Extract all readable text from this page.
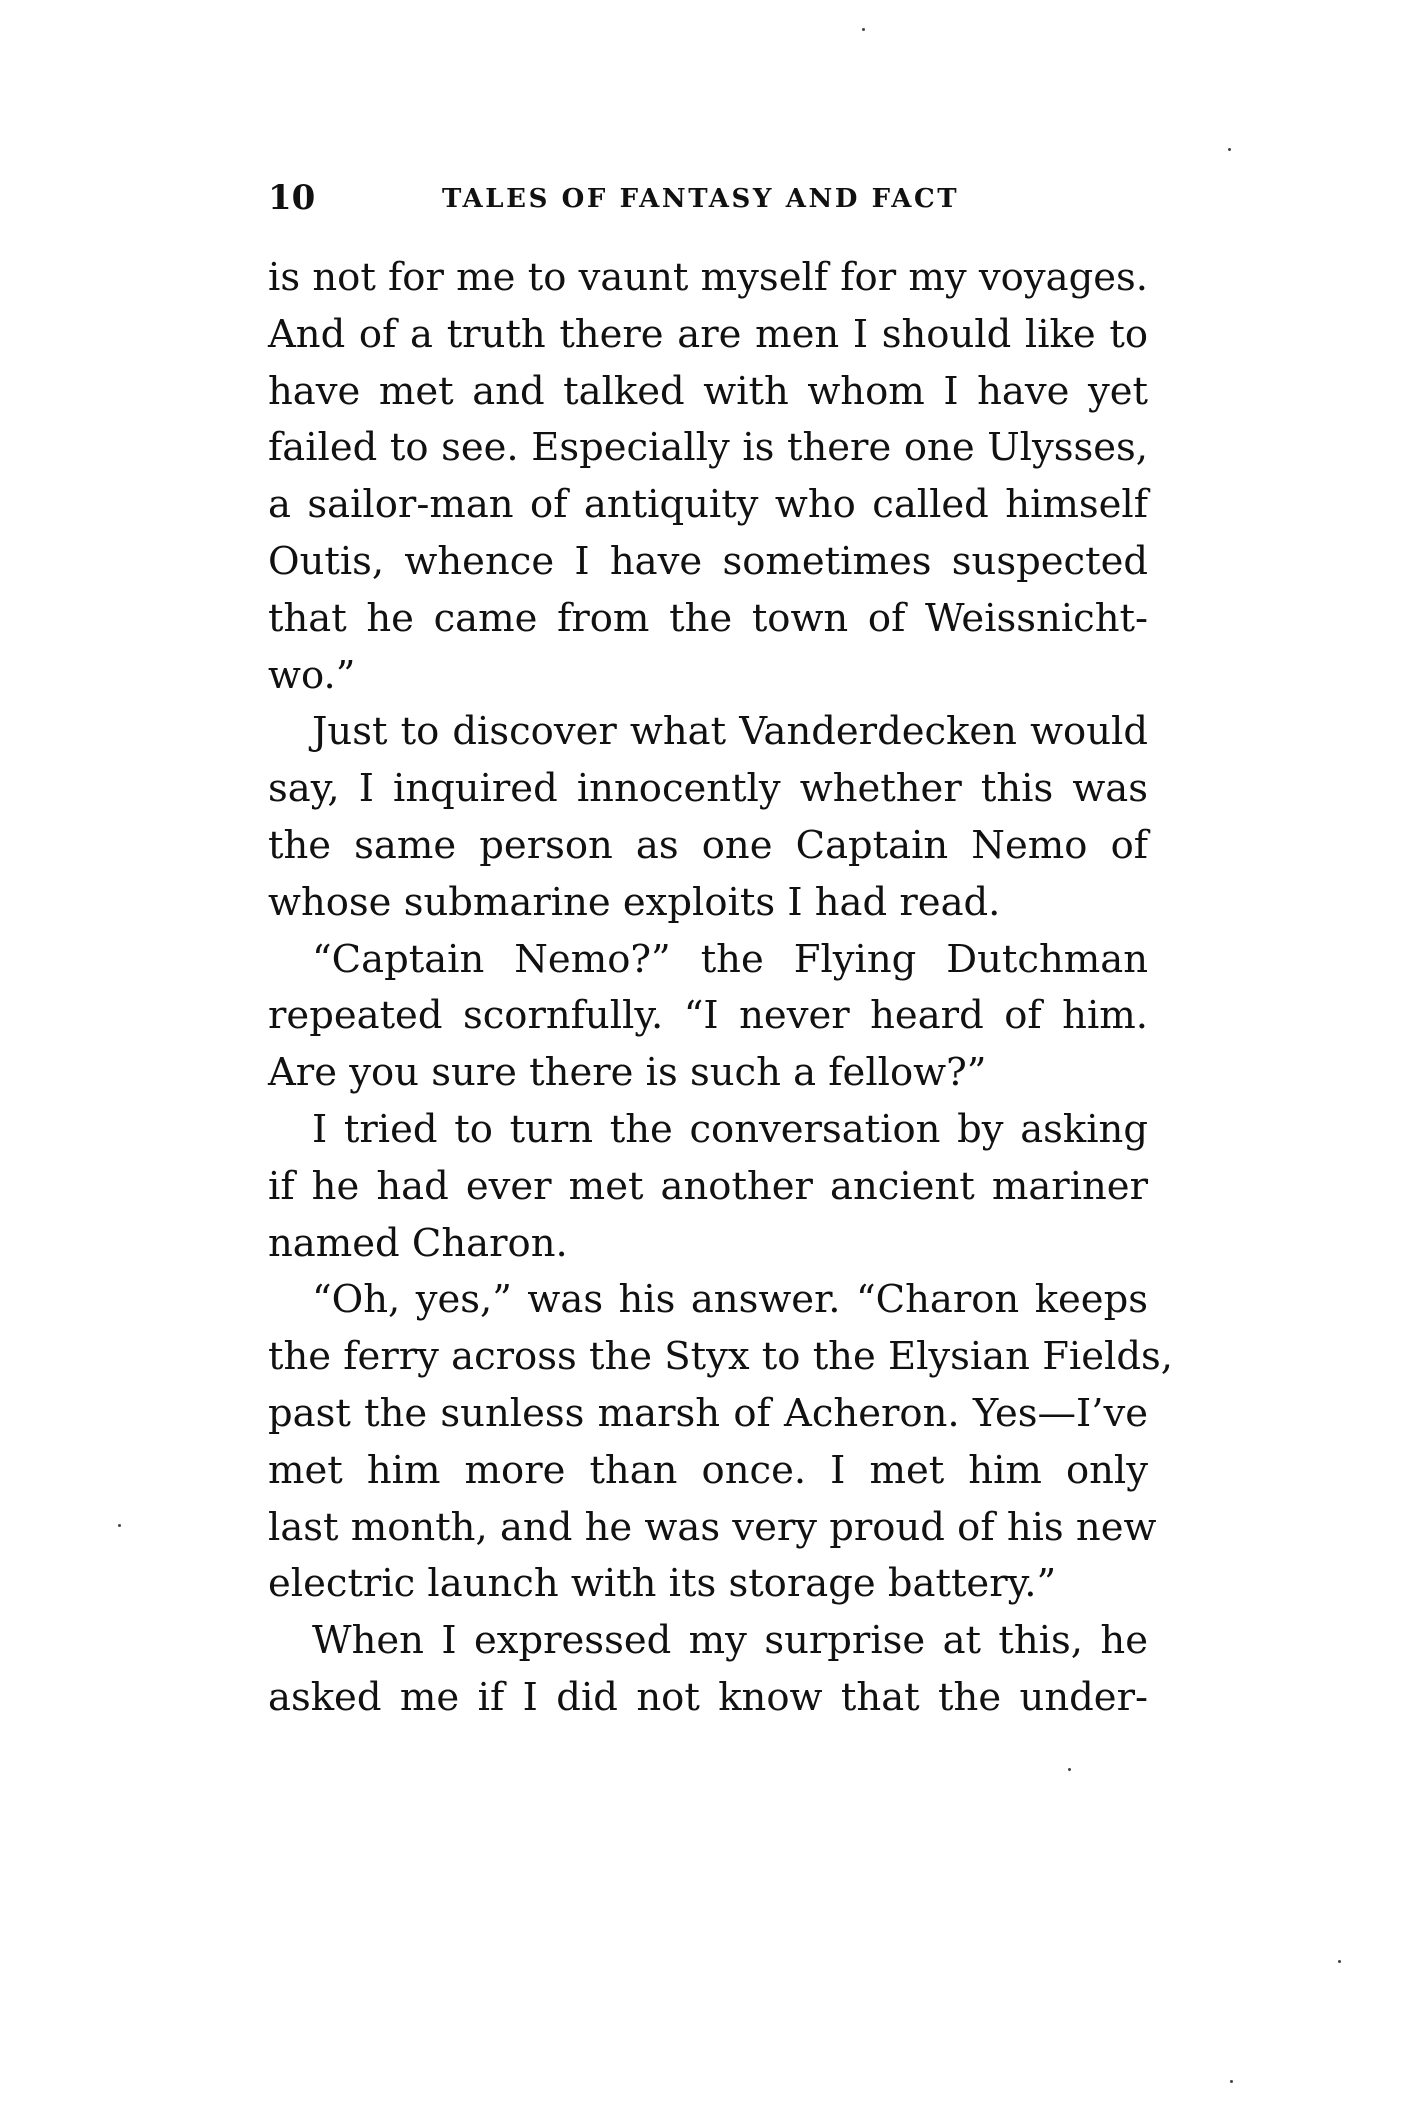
10	TALES OF FANTASY AND FACT
is not for me to vaunt myself for my voyages.
And of a truth there are men I should like to
have met and talked with whom I have yet
failed to see. Especially is there one Ulysses,
a sailor-man of antiquity who called himself
Outis, whence I have sometimes suspected
that he came from the town of Weissnicht-
wo.”
Just to discover what Vanderdecken would
say, I inquired innocently whether this was
the same person as one Captain Nemo of
whose submarine exploits I had read.
“Captain Nemo?” the Flying Dutchman
repeated scornfully. “I never heard of him.
Are you sure there is such a fellow?”
I tried to turn the conversation by asking
if he had ever met another ancient mariner
named Charon.
“Oh, yes,” was his answer. “Charon keeps
the ferry across the Styx to the Elysian Fields,
past the sunless marsh of Acheron. Yes—I’ve
met him more than once. I met him only
last month, and he was very proud of his new
electric launch with its storage battery.”
When I expressed my surprise at this, he
asked me if I did not know that the under-
